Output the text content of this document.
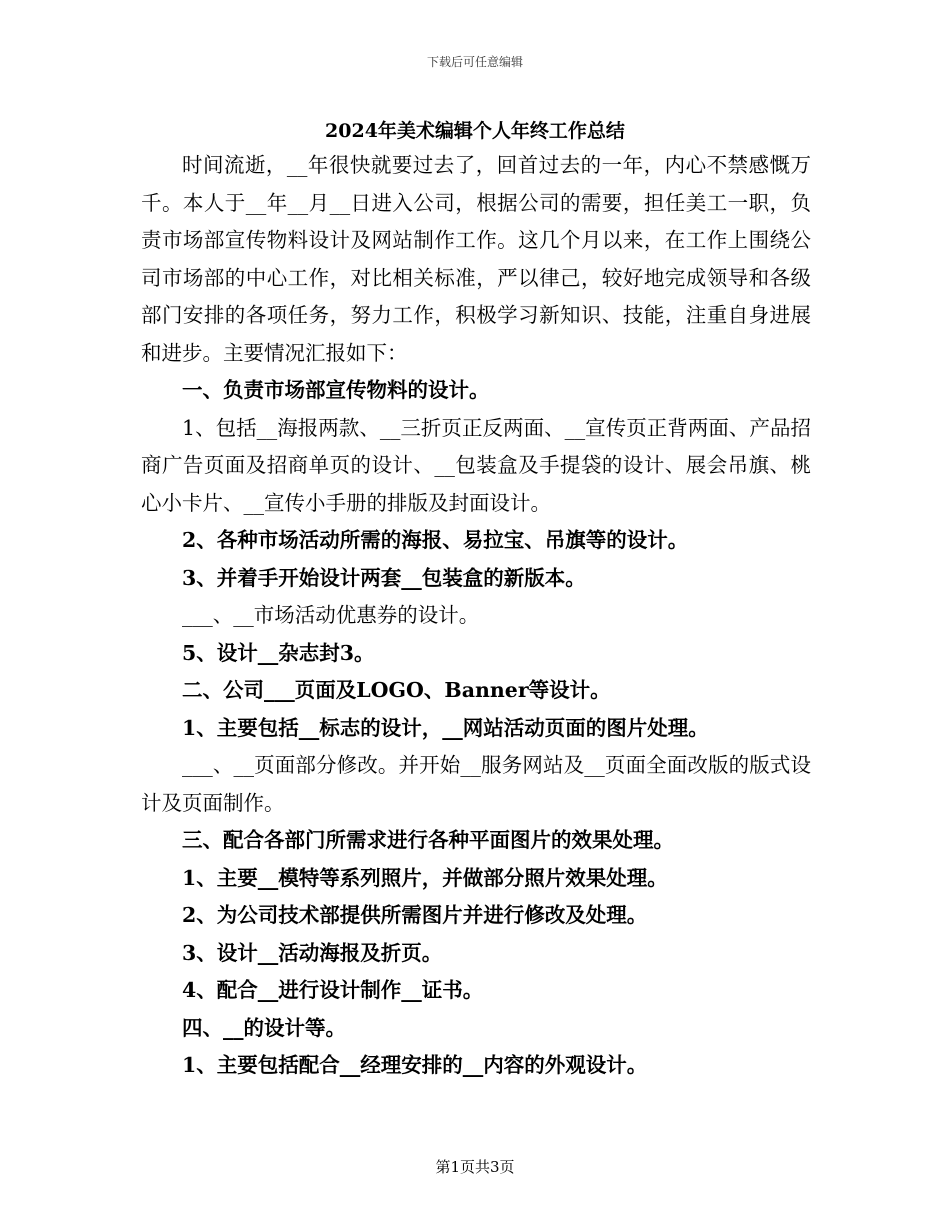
下载后可任意编辑
2024年美术编辑个人年终工作总结

时间流逝，__年很快就要过去了，回首过去的一年，内心不禁感慨万千。本人于__年__月__日进入公司，根据公司的需要，担任美工一职，负责市场部宣传物料设计及网站制作工作。这几个月以来，在工作上围绕公司市场部的中心工作，对比相关标准，严以律己，较好地完成领导和各级部门安排的各项任务，努力工作，积极学习新知识、技能，注重自身进展和进步。主要情况汇报如下：

一、负责市场部宣传物料的设计。

1、包括__海报两款、__三折页正反两面、__宣传页正背两面、产品招商广告页面及招商单页的设计、__包装盒及手提袋的设计、展会吊旗、桃心小卡片、__宣传小手册的排版及封面设计。

2、各种市场活动所需的海报、易拉宝、吊旗等的设计。

3、并着手开始设计两套__包装盒的新版本。

___、__市场活动优惠券的设计。

5、设计__杂志封3。

二、公司___页面及LOGO、Banner等设计。

1、主要包括__标志的设计，__网站活动页面的图片处理。

___、__页面部分修改。并开始__服务网站及__页面全面改版的版式设计及页面制作。

三、配合各部门所需求进行各种平面图片的效果处理。

1、主要__模特等系列照片，并做部分照片效果处理。

2、为公司技术部提供所需图片并进行修改及处理。

3、设计__活动海报及折页。

4、配合__进行设计制作__证书。

四、__的设计等。

1、主要包括配合__经理安排的__内容的外观设计。

第1页共3页
